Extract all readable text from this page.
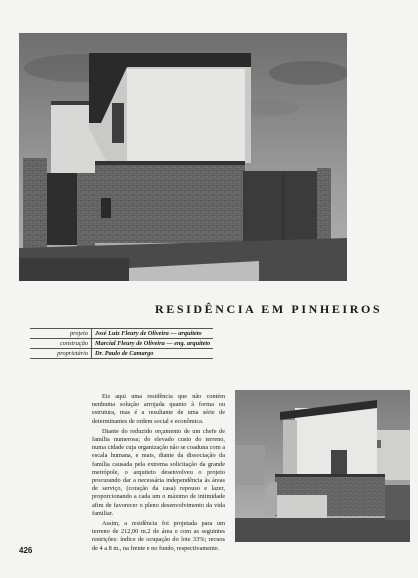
RESIDÊNCIA EM PINHEIROS
projeto	José Luiz Fleury de Oliveira — arquiteto
construção	Marcial Fleury de Oliveira — eng. arquiteto
proprietário	Dr. Paulo de Camargo

Eis aqui uma residência que não contém nenhuma solução arrojada quanto à forma ou estrutura, mas é a resultante de uma série de determinantes de ordem social e econômica.

Diante do reduzido orçamento de um chefe de família numerosa; do elevado custo do terreno, numa cidade cuja organização não se coaduna com a escala humana, e mais, diante da dissociação da família causada pela extrema solicitação da grande metrópole, o arquiteto desenvolveu o projeto procurando dar a necessária independência às áreas de serviço, (coração da casa) repouso e lazer, proporcionando a cada um o máximo de intimidade afim de favorecer o pleno desenvolvimento da vida familiar.

Assim, a residência foi projetada para um terreno de 212,00 m.2 de área e com as seguintes restrições: índice de ocupação do lote 33%; recuos de 4 a 8 m., na frente e no fundo, respectivamente.

426
